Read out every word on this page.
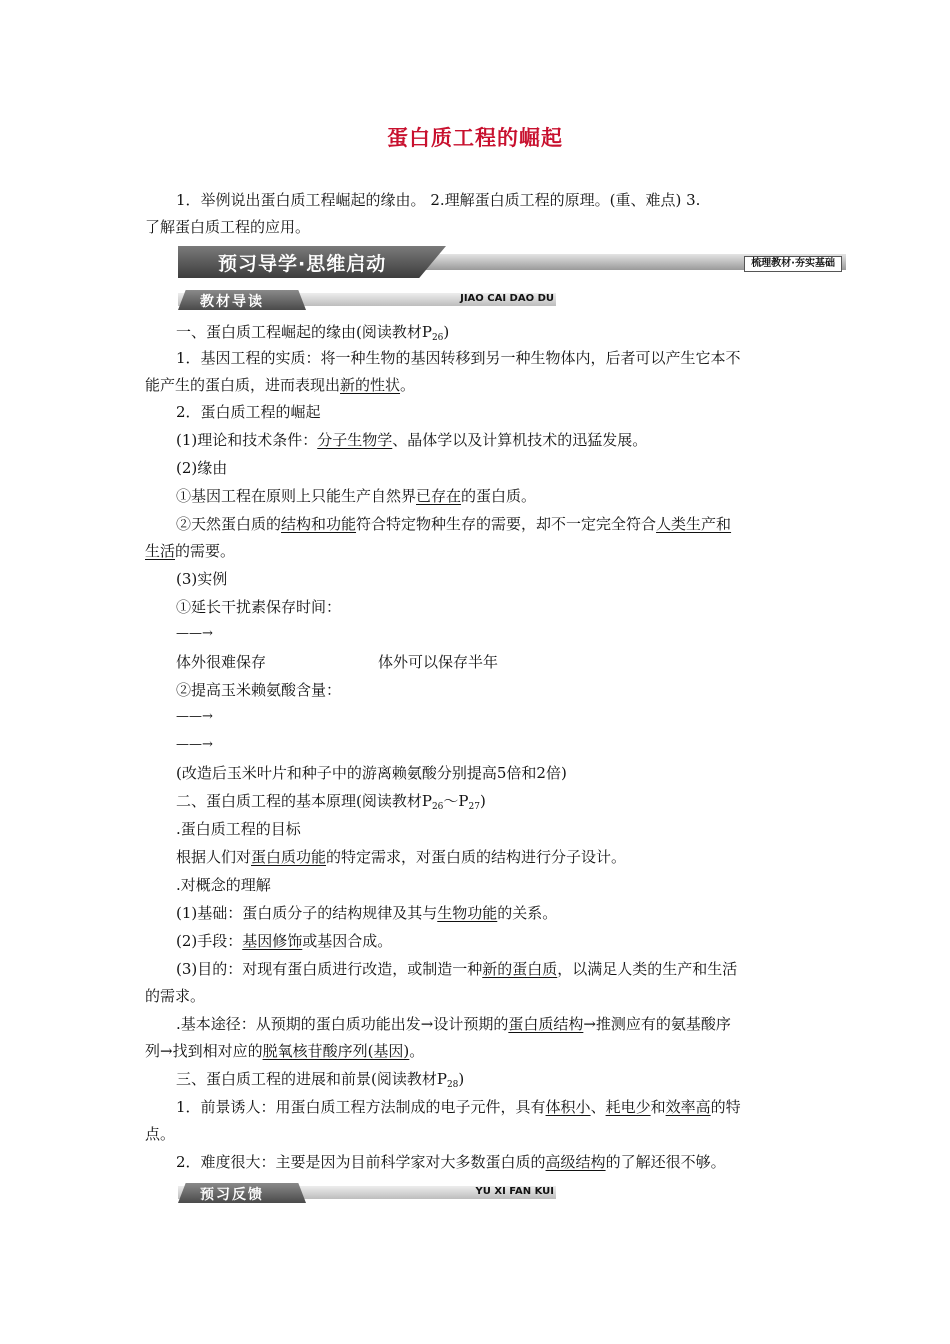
蛋白质工程的崛起
1．举例说出蛋白质工程崛起的缘由。 2.理解蛋白质工程的原理。(重、难点) 3.
了解蛋白质工程的应用。
预习导学·思维启动	梳理教材·夯实基础
教材导读	JIAO CAI DAO DU
一、蛋白质工程崛起的缘由(阅读教材$P_{26}$)
1．基因工程的实质：将一种生物的基因转移到另一种生物体内，后者可以产生它本不
能产生的蛋白质，进而表现出新的性状。
2．蛋白质工程的崛起
(1)理论和技术条件：分子生物学、晶体学以及计算机技术的迅猛发展。
(2)缘由
①基因工程在原则上只能生产自然界已存在的蛋白质。
②天然蛋白质的结构和功能符合特定物种生存的需要，却不一定完全符合人类生产和
生活的需要。
(3)实例
①延长干扰素保存时间：
——→
体外很难保存	体外可以保存半年
②提高玉米赖氨酸含量：
——→
——→
(改造后玉米叶片和种子中的游离赖氨酸分别提高5倍和2倍)
二、蛋白质工程的基本原理(阅读教材$P_{26}\sim P_{27}$)
.蛋白质工程的目标
根据人们对蛋白质功能的特定需求，对蛋白质的结构进行分子设计。
.对概念的理解
(1)基础：蛋白质分子的结构规律及其与生物功能的关系。
(2)手段：基因修饰或基因合成。
(3)目的：对现有蛋白质进行改造，或制造一种新的蛋白质，以满足人类的生产和生活
的需求。
.基本途径：从预期的蛋白质功能出发→设计预期的蛋白质结构→推测应有的氨基酸序
列→找到相对应的脱氧核苷酸序列(基因)。
三、蛋白质工程的进展和前景(阅读教材$P_{28}$)
1．前景诱人：用蛋白质工程方法制成的电子元件，具有体积小、耗电少和效率高的特
点。
2．难度很大：主要是因为目前科学家对大多数蛋白质的高级结构的了解还很不够。
预习反馈	YU XI FAN KUI
